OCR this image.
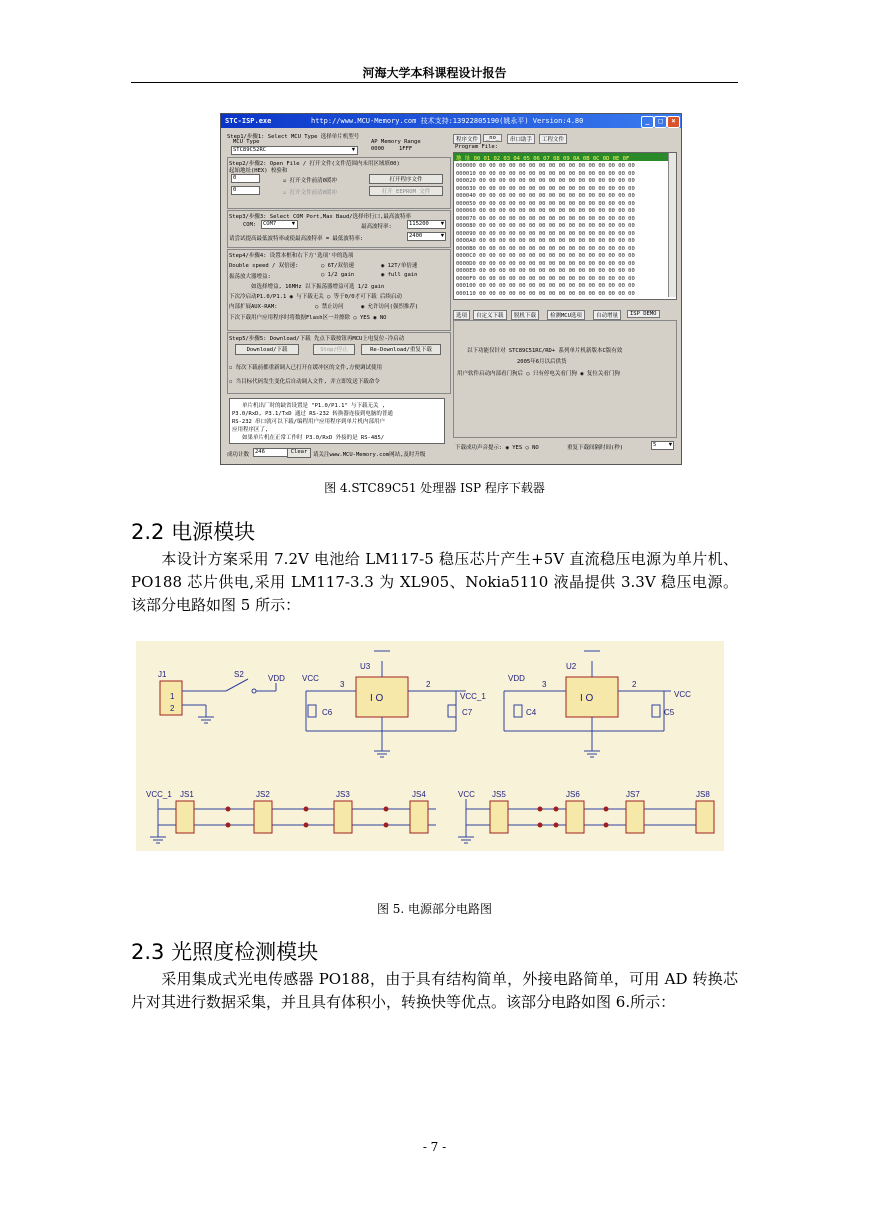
河海大学本科课程设计报告
STC-ISP.exe	http://www.MCU-Memory.com 技术支持:13922805190(姚永平) Version:4.80	_	□	×
Step1/步骤1: Select MCU Type 选择单片机型号
MCU Type	AP Memory Range
STC89C52RC	▼	0000	1FFF
Step2/步骤2: Open File / 打开文件(文件范围内未用区域填00)
起始地址(HEX) 校验和
0
0
☑ 打开文件前清0缓冲	打开程序文件
☑ 打开文件前清0缓冲	打开 EEPROM 文件
Step3/步骤3: Select COM Port,Max Baud/选择串行口,最高波特率
COM:	COM7	▼	最高波特率:	115200 ▼
请尝试提高最低波特率或使最高波特率 = 最低波特率:	2400	▼
Step4/步骤4: 设置本框和右下方'选项'中的选项
Double speed / 双倍速:	○ 6T/双倍速	◉ 12T/单倍速
振荡放大器增益:	○ 1/2 gain	◉ full gain
如选择增益, 16MHz 以下振荡器增益可选 1/2 gain
下次冷启动P1.0/P1.1 ◉ 与下载无关 ○ 等于0/0才可下载 后续启动
内部扩展AUX-RAM:	○ 禁止访问	◉ 允许访问(强烈推荐)
下次下载用户应用程序时将数据Flash区一并擦除 ○ YES ◉ NO
Step5/步骤5: Download/下载 先点下载按钮再MCU上电复位-冷启动
Download/下载	Stop/停止	Re-Download/重复下载
☐ 每次下载前都重新调入已打开在缓冲区的文件,方便调试使用
☐ 当目标代码发生变化后自动调入文件, 并立即发送下载命令
单片机出厂时的缺省设置是 "P1.0/P1.1" 与下载无关 ,
P3.0/RxD, P3.1/TxD 通过 RS-232 转换器连接到电脑的普通
RS-232 串口就可以下载/编程用户应用程序到单片机内部用户
应用程序区了,
如果单片机在正常工作时 P3.0/RxD 外接的是 RS-485/
成功计数	246	Clear	请关注www.MCU-Memory.com网站,及时升级
程序文件	_no_	串口助手	工程文件
Program File:
地 址 00 01 02 03 04 05 06 07 08 09 0A 0B 0C 0D 0E 0F
000000 00 00 00 00 00 00 00 00 00 00 00 00 00 00 00 00
000010 00 00 00 00 00 00 00 00 00 00 00 00 00 00 00 00
000020 00 00 00 00 00 00 00 00 00 00 00 00 00 00 00 00
000030 00 00 00 00 00 00 00 00 00 00 00 00 00 00 00 00
000040 00 00 00 00 00 00 00 00 00 00 00 00 00 00 00 00
000050 00 00 00 00 00 00 00 00 00 00 00 00 00 00 00 00
000060 00 00 00 00 00 00 00 00 00 00 00 00 00 00 00 00
000070 00 00 00 00 00 00 00 00 00 00 00 00 00 00 00 00
000080 00 00 00 00 00 00 00 00 00 00 00 00 00 00 00 00
000090 00 00 00 00 00 00 00 00 00 00 00 00 00 00 00 00
0000A0 00 00 00 00 00 00 00 00 00 00 00 00 00 00 00 00
0000B0 00 00 00 00 00 00 00 00 00 00 00 00 00 00 00 00
0000C0 00 00 00 00 00 00 00 00 00 00 00 00 00 00 00 00
0000D0 00 00 00 00 00 00 00 00 00 00 00 00 00 00 00 00
0000E0 00 00 00 00 00 00 00 00 00 00 00 00 00 00 00 00
0000F0 00 00 00 00 00 00 00 00 00 00 00 00 00 00 00 00
000100 00 00 00 00 00 00 00 00 00 00 00 00 00 00 00 00
000110 00 00 00 00 00 00 00 00 00 00 00 00 00 00 00 00
选项	自定义下载	脱机下载	检测MCU选项	自动增量	ISP DEMO
以下功能仅针对 STC89C51RC/RD+ 系列单片机新版本C版有效
2005年6月以后供货
用户软件启动内部看门狗后 ○ 只有停电关看门狗 ◉ 复位关看门狗
下载成功声音提示: ◉ YES ○ NO	重复下载间隔时间(秒)	5 ▼
图 4.STC89C51 处理器 ISP 程序下载器
2.2 电源模块
本设计方案采用 7.2V 电池给 LM117-5 稳压芯片产生+5V 直流稳压电源为单片机、PO188 芯片供电,采用 LM117-3.3 为 XL905、Nokia5110 液晶提供 3.3V 稳压电源。该部分电路如图 5 所示：
J1	S2	VDD VCC
U3
I O
3	2
C6	C7
VCC_1
VDD
U2
I O
3	2
C4	C5
VCC
1
2
VCC_1	VCC
JS1	JS2	JS3	JS4	JS5	JS6	JS7	JS8
图 5. 电源部分电路图
2.3 光照度检测模块
采用集成式光电传感器 PO188，由于具有结构简单，外接电路简单，可用 AD 转换芯片对其进行数据采集，并且具有体积小，转换快等优点。该部分电路如图 6.所示：
- 7 -
